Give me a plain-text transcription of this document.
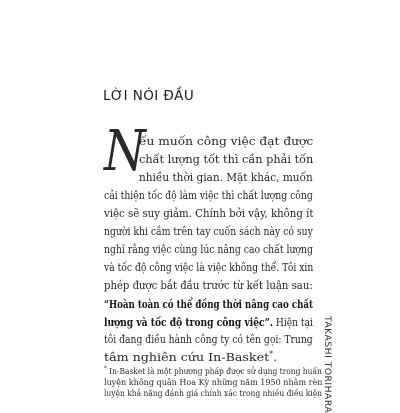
LỜI NÓI ĐẦU
N
ếu muốn công việc đạt được
chất lượng tốt thì cần phải tốn
nhiều thời gian. Mặt khác, muốn
cải thiện tốc độ làm việc thì chất lượng công
việc sẽ suy giảm. Chính bởi vậy, không ít
người khi cầm trên tay cuốn sách này có suy
nghĩ rằng việc cùng lúc nâng cao chất lượng
và tốc độ công việc là việc không thể. Tôi xin
phép được bắt đầu trước từ kết luận sau:
“Hoàn toàn có thể đồng thời nâng cao chất
lượng và tốc độ trong công việc”. Hiện tại
tôi đang điều hành công ty có tên gọi: Trung
tâm nghiên cứu In-Basket*.	TAKASHI TORIHARA
* In-Basket là một phương pháp được sử dụng trong huấn
luyện không quân Hoa Kỳ những năm 1950 nhằm rèn
luyện khả năng đánh giá chính xác trong nhiều điều kiện
